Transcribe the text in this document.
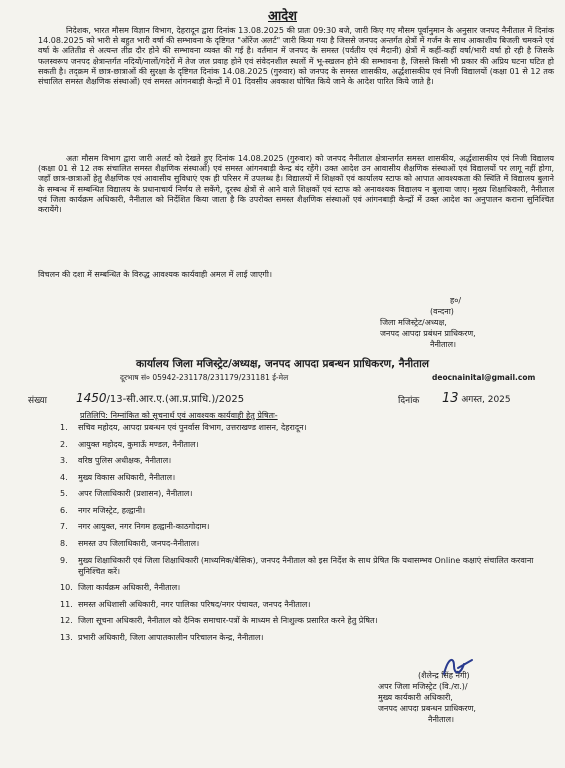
आदेश
निदेशक, भारत मौसम विज्ञान विभाग, देहरादून द्वारा दिनांक 13.08.2025 की प्रातः 09:30 बजे, जारी किए गए मौसम पूर्वानुमान के अनुसार जनपद नैनीताल में दिनांक 14.08.2025 को भारी से बहुत भारी वर्षा की सम्भावना के दृष्टिगत "ऑरेंज अलर्ट" जारी किया गया है जिससे जनपद अन्तर्गत क्षेत्रों में गर्जन के साथ आकाशीय बिजली चमकने एवं वर्षा के अतितीव्र से अत्यन्त तीव्र दौर होने की सम्भावना व्यक्त की गई है। वर्तमान में जनपद के समस्त (पर्वतीय एवं मैदानी) क्षेत्रों में कहीं-कहीं वर्षा/भारी वर्षा हो रही है जिसके फलस्वरूप जनपद क्षेत्रान्तर्गत नदियों/नालों/गदेरों में तेज जल प्रवाह होने एवं संवेदनशील स्थलों में भू-स्खलन होने की सम्भावना है, जिससे किसी भी प्रकार की अप्रिय घटना घटित हो सकती है। तद्क्रम में छात्र-छात्राओं की सुरक्षा के दृष्टिगत दिनांक 14.08.2025 (गुरुवार) को जनपद के समस्त शासकीय, अर्द्धशासकीय एवं निजी विद्यालयों (कक्षा 01 से 12 तक संचालित समस्त शैक्षणिक संस्थाओं) एवं समस्त आंगनबाड़ी केन्द्रों में 01 दिवसीय अवकाश घोषित किये जाने के आदेश पारित किये जाते है।
अतः मौसम विभाग द्वारा जारी अलर्ट को देखते हुए दिनांक 14.08.2025 (गुरुवार) को जनपद नैनीताल क्षेत्रान्तर्गत समस्त शासकीय, अर्द्धशासकीय एवं निजी विद्यालय (कक्षा 01 से 12 तक संचालित समस्त शैक्षणिक संस्थाओं) एवं समस्त आंगनबाड़ी केन्द्र बंद रहेंगे। उक्त आदेश उन आवासीय शैक्षणिक संस्थाओं एवं विद्यालयों पर लागू नहीं होगा, जहाँ छात्र-छात्राओं हेतु शैक्षणिक एवं आवासीय सुविधाएं एक ही परिसर में उपलब्ध है। विद्यालयों में शिक्षकों एवं कार्यालय स्टाफ को आपात आवश्यकता की स्थिति में विद्यालय बुलाने के सम्बन्ध में सम्बन्धित विद्यालय के प्रधानाचार्य निर्णय ले सकेंगे, दूरस्थ क्षेत्रों से आने वाले शिक्षकों एवं स्टाफ को अनावश्यक विद्यालय न बुलाया जाए। मुख्य शिक्षाधिकारी, नैनीताल एवं जिला कार्यक्रम अधिकारी, नैनीताल को निर्देशित किया जाता है कि उपरोक्त समस्त शैक्षणिक संस्थाओं एवं आंगनबाड़ी केन्द्रों में उक्त आदेश का अनुपालन कराना सुनिश्चित करायेंगे।
विचलन की दशा में सम्बन्धित के विरुद्ध आवश्यक कार्यवाही अमल में लाई जाएगी।
ह०/
(वन्दना)
जिला मजिस्ट्रेट/अध्यक्ष,
जनपद आपदा प्रबंधन प्राधिकरण,
नैनीताल।
कार्यालय जिला मजिस्ट्रेट/अध्यक्ष, जनपद आपदा प्रबन्धन प्राधिकरण, नैनीताल
दूरभाष सं० 05942-231178/231179/231181 ई-मेल	deocnainital@gmail.com
संख्या 1450/13-सी.आर.ए.(आ.प्र.प्राधि.)/2025	दिनांक 13 अगस्त, 2025
प्रतिलिपि: निम्नांकित को सूचनार्थ एवं आवश्यक कार्यवाही हेतु प्रेषितः-
1. सचिव महोदय, आपदा प्रबन्धन एवं पुनर्वास विभाग, उत्तराखण्ड शासन, देहरादून।
2. आयुक्त महोदय, कुमाऊँ मण्डल, नैनीताल।
3. वरिष्ठ पुलिस अधीक्षक, नैनीताल।
4. मुख्य विकास अधिकारी, नैनीताल।
5. अपर जिलाधिकारी (प्रशासन), नैनीताल।
6. नगर मजिस्ट्रेट, हल्द्वानी।
7. नगर आयुक्त, नगर निगम हल्द्वानी-काठगोदाम।
8. समस्त उप जिलाधिकारी, जनपद-नैनीताल।
9. मुख्य शिक्षाधिकारी एवं जिला शिक्षाधिकारी (माध्यमिक/बेसिक), जनपद नैनीताल को इस निर्देश के साथ प्रेषित कि यथासम्भव Online कक्षाएं संचालित करवाना सुनिश्चित करें।
10. जिला कार्यक्रम अधिकारी, नैनीताल।
11. समस्त अधिशासी अधिकारी, नगर पालिका परिषद/नगर पंचायत, जनपद नैनीताल।
12. जिला सूचना अधिकारी, नैनीताल को दैनिक समाचार-पत्रों के माध्यम से निःशुल्क प्रसारित करने हेतु प्रेषित।
13. प्रभारी अधिकारी, जिला आपातकालीन परिचालन केन्द्र, नैनीताल।
(शैलेन्द्र सिंह नेगी)
अपर जिला मजिस्ट्रेट (वि./रा.)/
मुख्य कार्यकारी अधिकारी,
जनपद आपदा प्रबन्धन प्राधिकरण,
नैनीताल।
